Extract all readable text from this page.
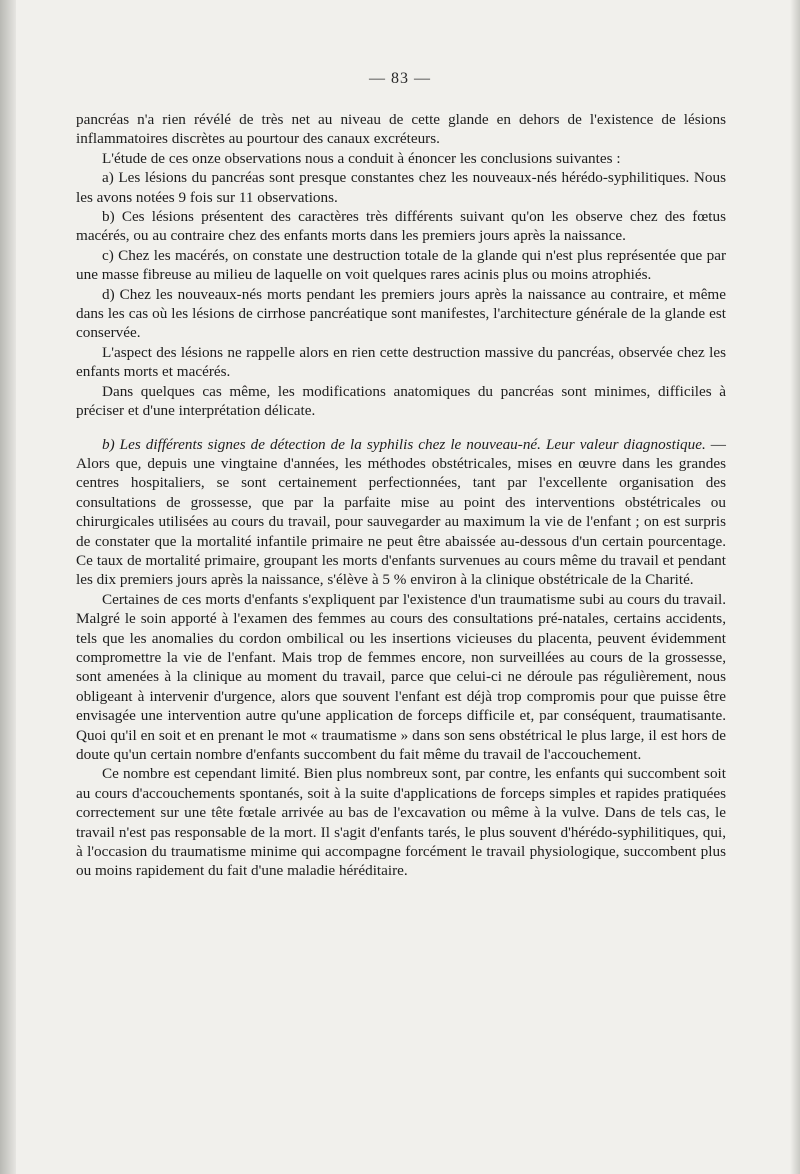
— 83 —

pancréas n'a rien révélé de très net au niveau de cette glande en dehors de l'existence de lésions inflammatoires discrètes au pourtour des canaux excréteurs.

L'étude de ces onze observations nous a conduit à énoncer les conclusions suivantes :

a) Les lésions du pancréas sont presque constantes chez les nouveaux-nés hérédo-syphilitiques. Nous les avons notées 9 fois sur 11 observations.

b) Ces lésions présentent des caractères très différents suivant qu'on les observe chez des fœtus macérés, ou au contraire chez des enfants morts dans les premiers jours après la naissance.

c) Chez les macérés, on constate une destruction totale de la glande qui n'est plus représentée que par une masse fibreuse au milieu de laquelle on voit quelques rares acinis plus ou moins atrophiés.

d) Chez les nouveaux-nés morts pendant les premiers jours après la naissance au contraire, et même dans les cas où les lésions de cirrhose pancréatique sont manifestes, l'architecture générale de la glande est conservée.

L'aspect des lésions ne rappelle alors en rien cette destruction massive du pancréas, observée chez les enfants morts et macérés.

Dans quelques cas même, les modifications anatomiques du pancréas sont minimes, difficiles à préciser et d'une interprétation délicate.

b) Les différents signes de détection de la syphilis chez le nouveau-né. Leur valeur diagnostique. — Alors que, depuis une vingtaine d'années, les méthodes obstétricales, mises en œuvre dans les grandes centres hospitaliers, se sont certainement perfectionnées, tant par l'excellente organisation des consultations de grossesse, que par la parfaite mise au point des interventions obstétricales ou chirurgicales utilisées au cours du travail, pour sauvegarder au maximum la vie de l'enfant ; on est surpris de constater que la mortalité infantile primaire ne peut être abaissée au-dessous d'un certain pourcentage. Ce taux de mortalité primaire, groupant les morts d'enfants survenues au cours même du travail et pendant les dix premiers jours après la naissance, s'élève à 5 % environ à la clinique obstétricale de la Charité.

Certaines de ces morts d'enfants s'expliquent par l'existence d'un traumatisme subi au cours du travail. Malgré le soin apporté à l'examen des femmes au cours des consultations pré-natales, certains accidents, tels que les anomalies du cordon ombilical ou les insertions vicieuses du placenta, peuvent évidemment compromettre la vie de l'enfant. Mais trop de femmes encore, non surveillées au cours de la grossesse, sont amenées à la clinique au moment du travail, parce que celui-ci ne déroule pas régulièrement, nous obligeant à intervenir d'urgence, alors que souvent l'enfant est déjà trop compromis pour que puisse être envisagée une intervention autre qu'une application de forceps difficile et, par conséquent, traumatisante. Quoi qu'il en soit et en prenant le mot « traumatisme » dans son sens obstétrical le plus large, il est hors de doute qu'un certain nombre d'enfants succombent du fait même du travail de l'accouchement.

Ce nombre est cependant limité. Bien plus nombreux sont, par contre, les enfants qui succombent soit au cours d'accouchements spontanés, soit à la suite d'applications de forceps simples et rapides pratiquées correctement sur une tête fœtale arrivée au bas de l'excavation ou même à la vulve. Dans de tels cas, le travail n'est pas responsable de la mort. Il s'agit d'enfants tarés, le plus souvent d'hérédo-syphilitiques, qui, à l'occasion du traumatisme minime qui accompagne forcément le travail physiologique, succombent plus ou moins rapidement du fait d'une maladie héréditaire.
